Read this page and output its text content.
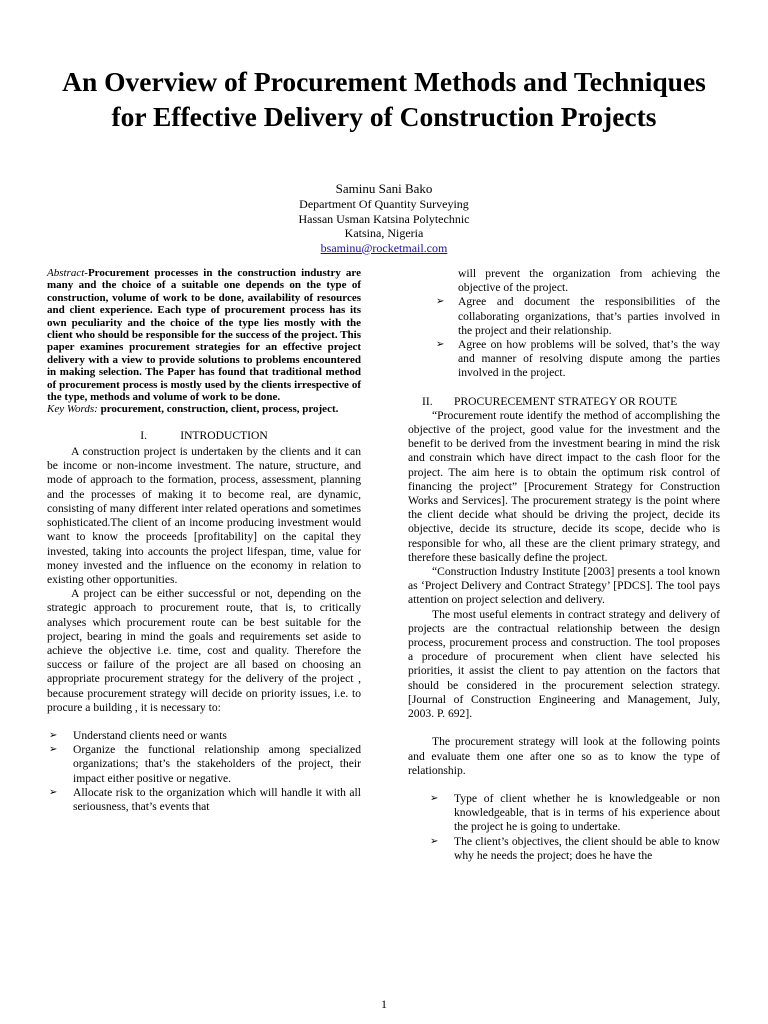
An Overview of Procurement Methods and Techniques for Effective Delivery of Construction Projects
Saminu Sani Bako
Department Of Quantity Surveying
Hassan Usman Katsina Polytechnic
Katsina, Nigeria
bsaminu@rocketmail.com

Abstract-Procurement processes in the construction industry are many and the choice of a suitable one depends on the type of construction, volume of work to be done, availability of resources and client experience. Each type of procurement process has its own peculiarity and the choice of the type lies mostly with the client who should be responsible for the success of the project. This paper examines procurement strategies for an effective project delivery with a view to provide solutions to problems encountered in making selection. The Paper has found that traditional method of procurement process is mostly used by the clients irrespective of the type, methods and volume of work to be done.

Key Words: procurement, construction, client, process, project.

I.	INTRODUCTION

A construction project is undertaken by the clients and it can be income or non-income investment. The nature, structure, and mode of approach to the formation, process, assessment, planning and the processes of making it to become real, are dynamic, consisting of many different inter related operations and sometimes sophisticated.The client of an income producing investment would want to know the proceeds [profitability] on the capital they invested, taking into accounts the project lifespan, time, value for money invested and the influence on the economy in relation to existing other opportunities.

A project can be either successful or not, depending on the strategic approach to procurement route, that is, to critically analyses which procurement route can be best suitable for the project, bearing in mind the goals and requirements set aside to achieve the objective i.e. time, cost and quality. Therefore the success or failure of the project are all based on choosing an appropriate procurement strategy for the delivery of the project , because procurement strategy will decide on priority issues, i.e. to procure a building , it is necessary to:

➢ Understand clients need or wants
➢ Organize the functional relationship among specialized organizations; that’s the stakeholders of the project, their impact either positive or negative.
➢ Allocate risk to the organization which will handle it with all seriousness, that’s events that

will prevent the organization from achieving the objective of the project.

➢ Agree and document the responsibilities of the collaborating organizations, that’s parties involved in the project and their relationship.
➢ Agree on how problems will be solved, that’s the way and manner of resolving dispute among the parties involved in the project.

II. PROCURECEMENT STRATEGY OR ROUTE

“Procurement route identify the method of accomplishing the objective of the project, good value for the investment and the benefit to be derived from the investment bearing in mind the risk and constrain which have direct impact to the cash floor for the project. The aim here is to obtain the optimum risk control of financing the project” [Procurement Strategy for Construction Works and Services]. The procurement strategy is the point where the client decide what should be driving the project, decide its objective, decide its structure, decide its scope, decide who is responsible for who, all these are the client primary strategy, and therefore these basically define the project.

“Construction Industry Institute [2003] presents a tool known as ‘Project Delivery and Contract Strategy’ [PDCS]. The tool pays attention on project selection and delivery.

The most useful elements in contract strategy and delivery of projects are the contractual relationship between the design process, procurement process and construction. The tool proposes a procedure of procurement when client have selected his priorities, it assist the client to pay attention on the factors that should be considered in the procurement selection strategy. [Journal of Construction Engineering and Management, July, 2003. P. 692].

The procurement strategy will look at the following points and evaluate them one after one so as to know the type of relationship.

➢ Type of client whether he is knowledgeable or non knowledgeable, that is in terms of his experience about the project he is going to undertake.
➢ The client’s objectives, the client should be able to know why he needs the project; does he have the
1
